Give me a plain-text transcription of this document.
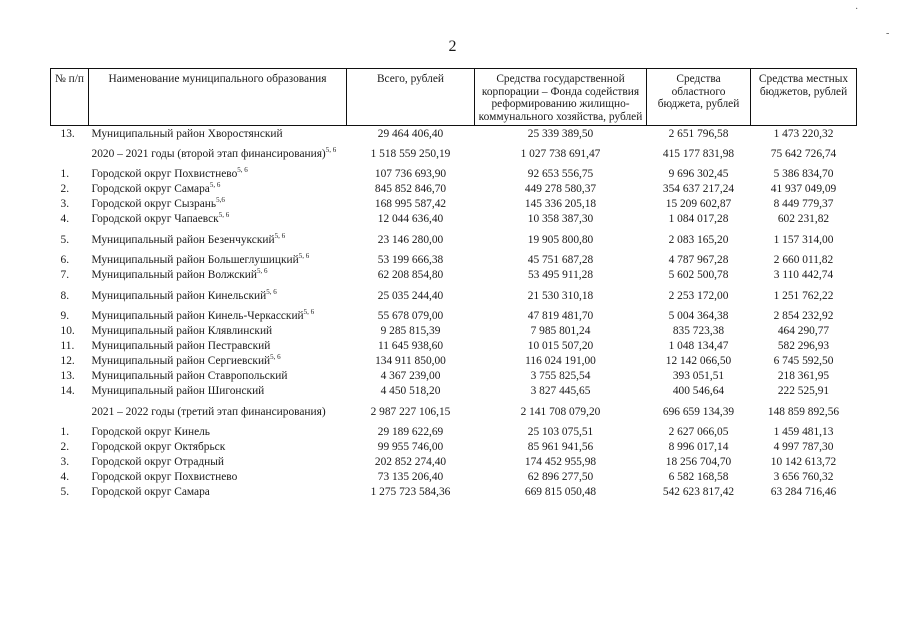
2
·
-
№ п/п	Наименование муниципального образования	Всего, рублей	Средства государственной корпорации – Фонда содействия реформированию жилищно-коммунального хозяйства, рублей	Средства областного бюджета, рублей	Средства местных бюджетов, рублей
13.	Муниципальный район Хворостянский	29 464 406,40	25 339 389,50	2 651 796,58	1 473 220,32
	2020 – 2021 годы (второй этап финансирования)$^{5, 6}$	1 518 559 250,19	1 027 738 691,47	415 177 831,98	75 642 726,74
1.	Городской округ Похвистнево$^{5, 6}$	107 736 693,90	92 653 556,75	9 696 302,45	5 386 834,70
2.	Городской округ Самара$^{5, 6}$	845 852 846,70	449 278 580,37	354 637 217,24	41 937 049,09
3.	Городской округ Сызрань$^{5,6}$	168 995 587,42	145 336 205,18	15 209 602,87	8 449 779,37
4.	Городской округ Чапаевск$^{5, 6}$	12 044 636,40	10 358 387,30	1 084 017,28	602 231,82
5.	Муниципальный район Безенчукский$^{5, 6}$	23 146 280,00	19 905 800,80	2 083 165,20	1 157 314,00
6.	Муниципальный район Большеглушицкий$^{5, 6}$	53 199 666,38	45 751 687,28	4 787 967,28	2 660 011,82
7.	Муниципальный район Волжский$^{5, 6}$	62 208 854,80	53 495 911,28	5 602 500,78	3 110 442,74
8.	Муниципальный район Кинельский$^{5, 6}$	25 035 244,40	21 530 310,18	2 253 172,00	1 251 762,22
9.	Муниципальный район Кинель-Черкасский$^{5, 6}$	55 678 079,00	47 819 481,70	5 004 364,38	2 854 232,92
10.	Муниципальный район Клявлинский	9 285 815,39	7 985 801,24	835 723,38	464 290,77
11.	Муниципальный район Пестравский	11 645 938,60	10 015 507,20	1 048 134,47	582 296,93
12.	Муниципальный район Сергиевский$^{5, 6}$	134 911 850,00	116 024 191,00	12 142 066,50	6 745 592,50
13.	Муниципальный район Ставропольский	4 367 239,00	3 755 825,54	393 051,51	218 361,95
14.	Муниципальный район Шигонский	4 450 518,20	3 827 445,65	400 546,64	222 525,91
	2021 – 2022 годы (третий этап финансирования)	2 987 227 106,15	2 141 708 079,20	696 659 134,39	148 859 892,56
1.	Городской округ Кинель	29 189 622,69	25 103 075,51	2 627 066,05	1 459 481,13
2.	Городской округ Октябрьск	99 955 746,00	85 961 941,56	8 996 017,14	4 997 787,30
3.	Городской округ Отрадный	202 852 274,40	174 452 955,98	18 256 704,70	10 142 613,72
4.	Городской округ Похвистнево	73 135 206,40	62 896 277,50	6 582 168,58	3 656 760,32
5.	Городской округ Самара	1 275 723 584,36	669 815 050,48	542 623 817,42	63 284 716,46
